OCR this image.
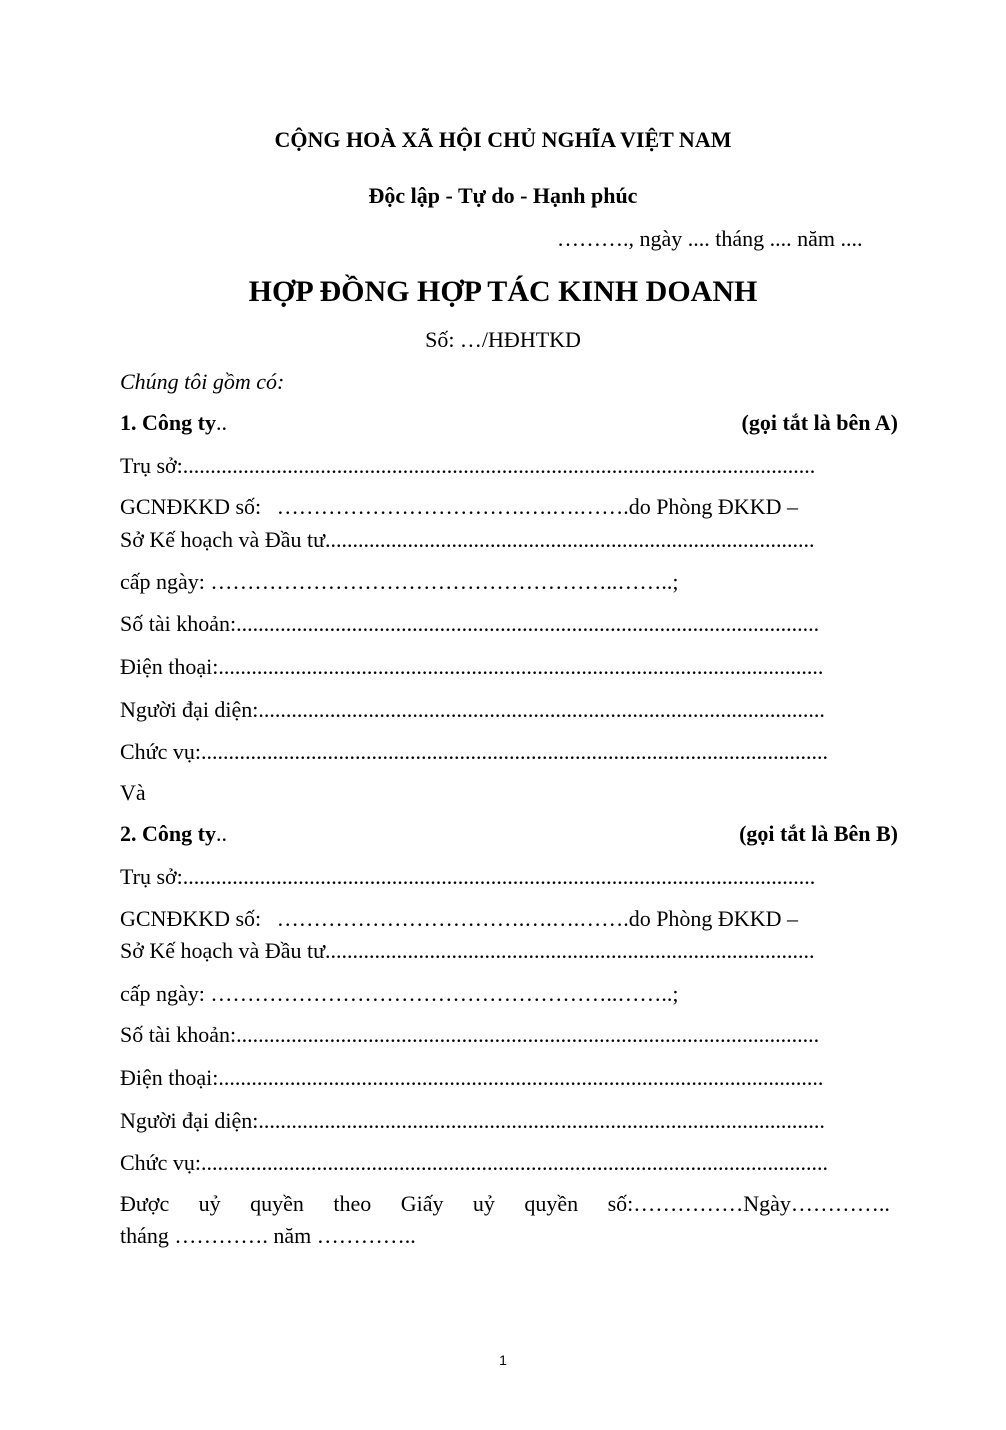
CỘNG HOÀ XÃ HỘI CHỦ NGHĨA VIỆT NAM
Độc lập - Tự do - Hạnh phúc
………., ngày .... tháng .... năm ....
HỢP ĐỒNG HỢP TÁC KINH DOANH
Số: …/HĐHTKD
Chúng tôi gồm có:
1. Công ty..	(gọi tắt là bên A)
Trụ sở:...................................................................................................................
GCNĐKKD số: …………………………….….….…….do Phòng ĐKKD –
Sở Kế hoạch và Đầu tư.........................................................................................
cấp ngày: ………………………………………………..……..;
Số tài khoản:..........................................................................................................
Điện thoại:..............................................................................................................
Người đại diện:.......................................................................................................
Chức vụ:..................................................................................................................
Và
2. Công ty..	(gọi tắt là Bên B)
Trụ sở:...................................................................................................................
GCNĐKKD số: …………………………….….….…….do Phòng ĐKKD –
Sở Kế hoạch và Đầu tư.........................................................................................
cấp ngày: ………………………………………………..……..;
Số tài khoản:..........................................................................................................
Điện thoại:..............................................................................................................
Người đại diện:.......................................................................................................
Chức vụ:..................................................................................................................
Được uỷ quyền theo Giấy uỷ quyền số:……………Ngày…………..
tháng …………. năm …………..
1
